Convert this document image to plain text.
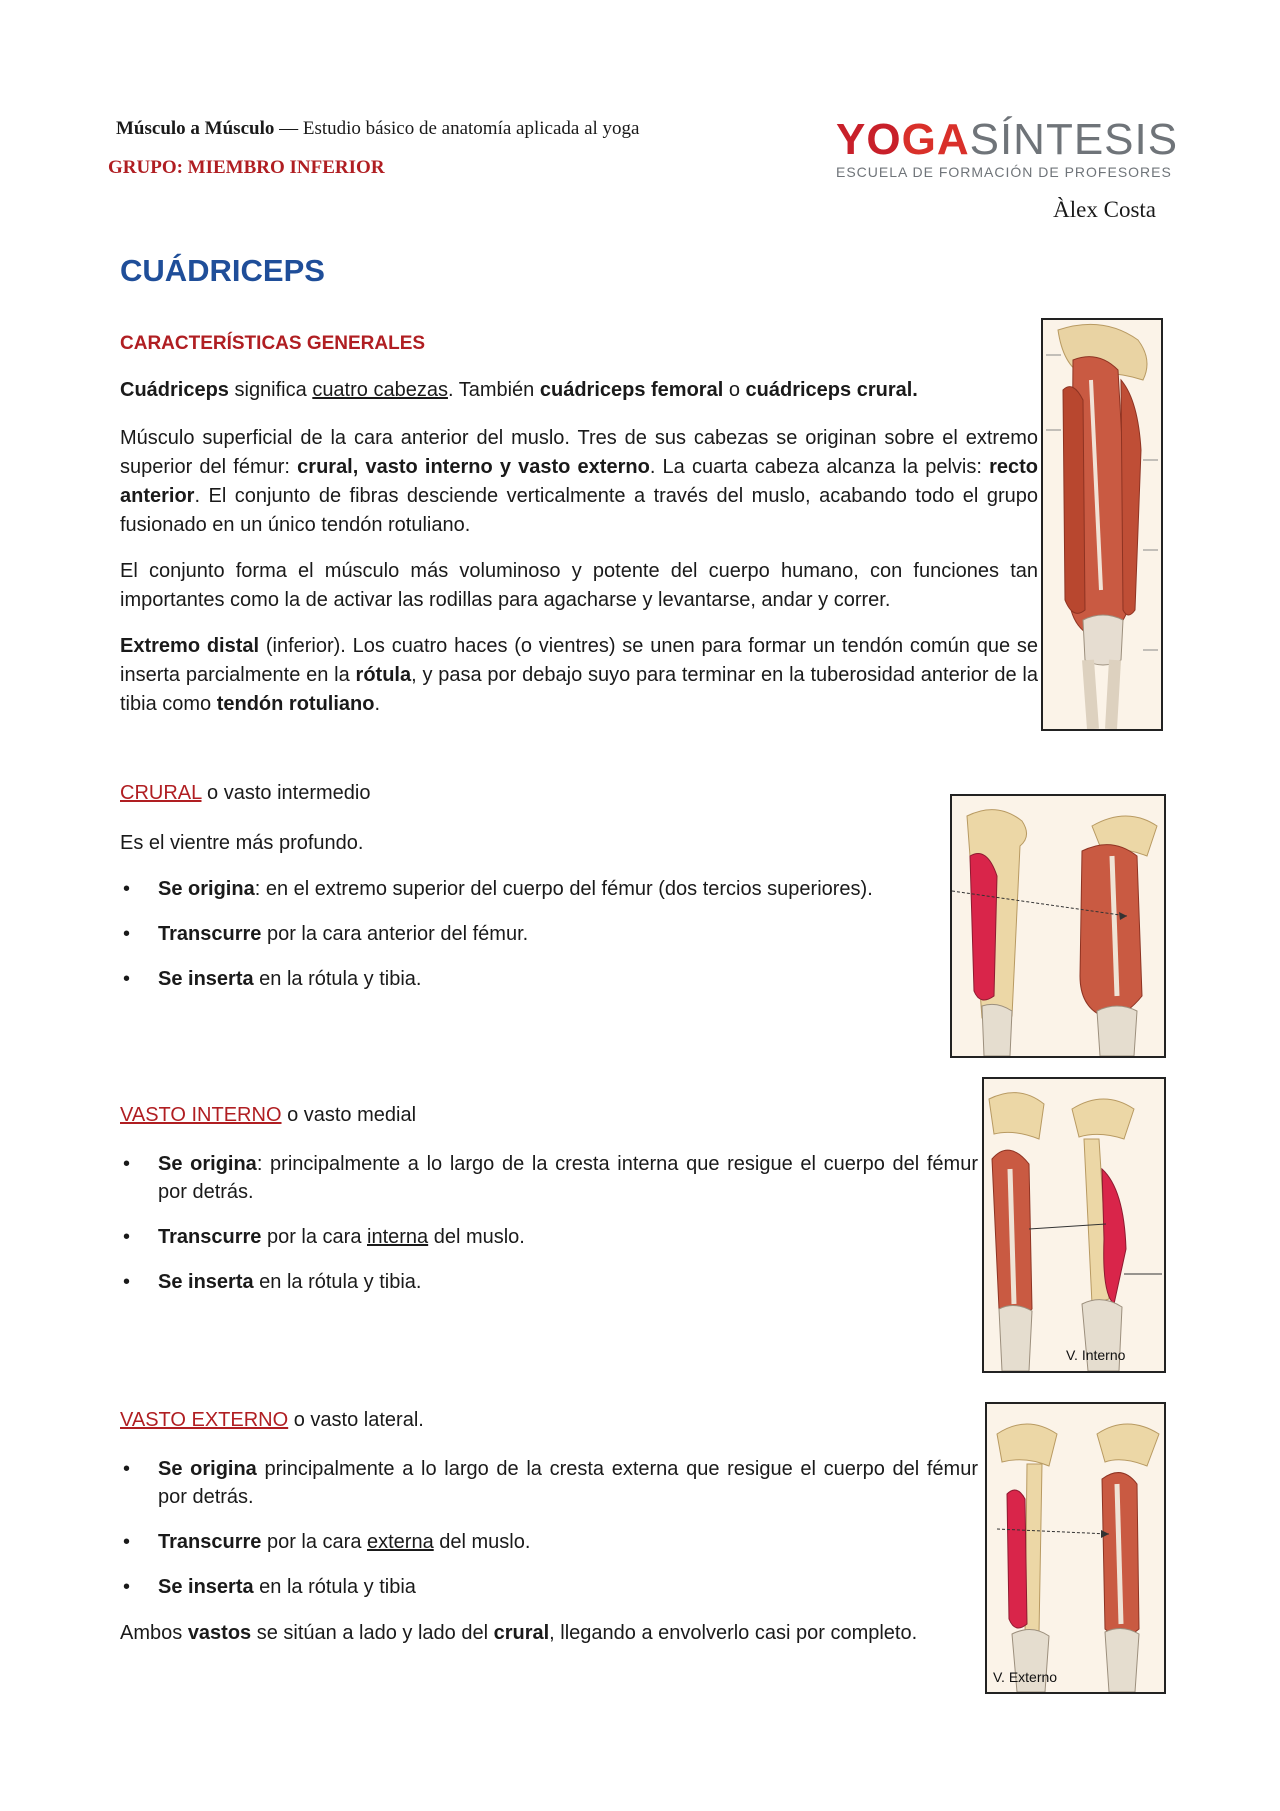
Músculo a Músculo — Estudio básico de anatomía aplicada al yoga
GRUPO: MIEMBRO INFERIOR
YOGASÍNTESIS
ESCUELA DE FORMACIÓN DE PROFESORES
Àlex Costa
CUÁDRICEPS
CARACTERÍSTICAS GENERALES
Cuádriceps significa cuatro cabezas. También cuádriceps femoral o cuádriceps crural.
Músculo superficial de la cara anterior del muslo. Tres de sus cabezas se originan sobre el extremo superior del fémur: crural, vasto interno y vasto externo. La cuarta cabeza alcanza la pelvis: recto anterior. El conjunto de fibras desciende verticalmente a través del muslo, acabando todo el grupo fusionado en un único tendón rotuliano.
El conjunto forma el músculo más voluminoso y potente del cuerpo humano, con funciones tan importantes como la de activar las rodillas para agacharse y levantarse, andar y correr.
Extremo distal (inferior). Los cuatro haces (o vientres) se unen para formar un tendón común que se inserta parcialmente en la rótula, y pasa por debajo suyo para terminar en la tuberosidad anterior de la tibia como tendón rotuliano.
CRURAL o vasto intermedio
Es el vientre más profundo.
• Se origina: en el extremo superior del cuerpo del fémur (dos tercios superiores).
• Transcurre por la cara anterior del fémur.
• Se inserta en la rótula y tibia.
VASTO INTERNO o vasto medial
• Se origina: principalmente a lo largo de la cresta interna que resigue el cuerpo del fémur por detrás.
• Transcurre por la cara interna del muslo.
• Se inserta en la rótula y tibia.
V. Interno
VASTO EXTERNO o vasto lateral.
• Se origina principalmente a lo largo de la cresta externa que resigue el cuerpo del fémur por detrás.
• Transcurre por la cara externa del muslo.
• Se inserta en la rótula y tibia
Ambos vastos se sitúan a lado y lado del crural, llegando a envolverlo casi por completo.
V. Externo
